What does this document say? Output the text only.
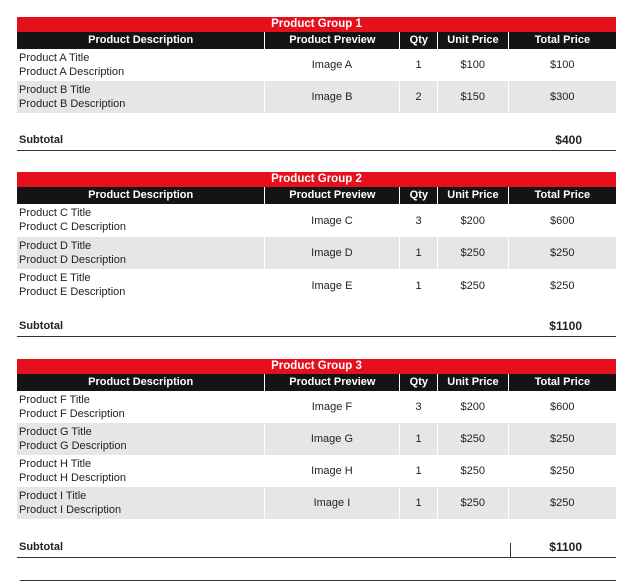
Product Group 1
Product Description	Product Preview	Qty	Unit Price	Total Price
Product A Title
Product A Description
Image A	1	$100	$100
Product B Title
Product B Description
Image B	2	$150	$300
Subtotal	$400
Product Group 2
Product Description	Product Preview	Qty	Unit Price	Total Price
Product C Title
Product C Description
Image C	3	$200	$600
Product D Title
Product D Description
Image D	1	$250	$250
Product E Title
Product E Description
Image E	1	$250	$250
Subtotal	$1100
Product Group 3
Product Description	Product Preview	Qty	Unit Price	Total Price
Product F Title
Product F Description
Image F	3	$200	$600
Product G Title
Product G Description
Image G	1	$250	$250
Product H Title
Product H Description
Image H	1	$250	$250
Product I Title
Product I Description
Image I	1	$250	$250
Subtotal	$1100
